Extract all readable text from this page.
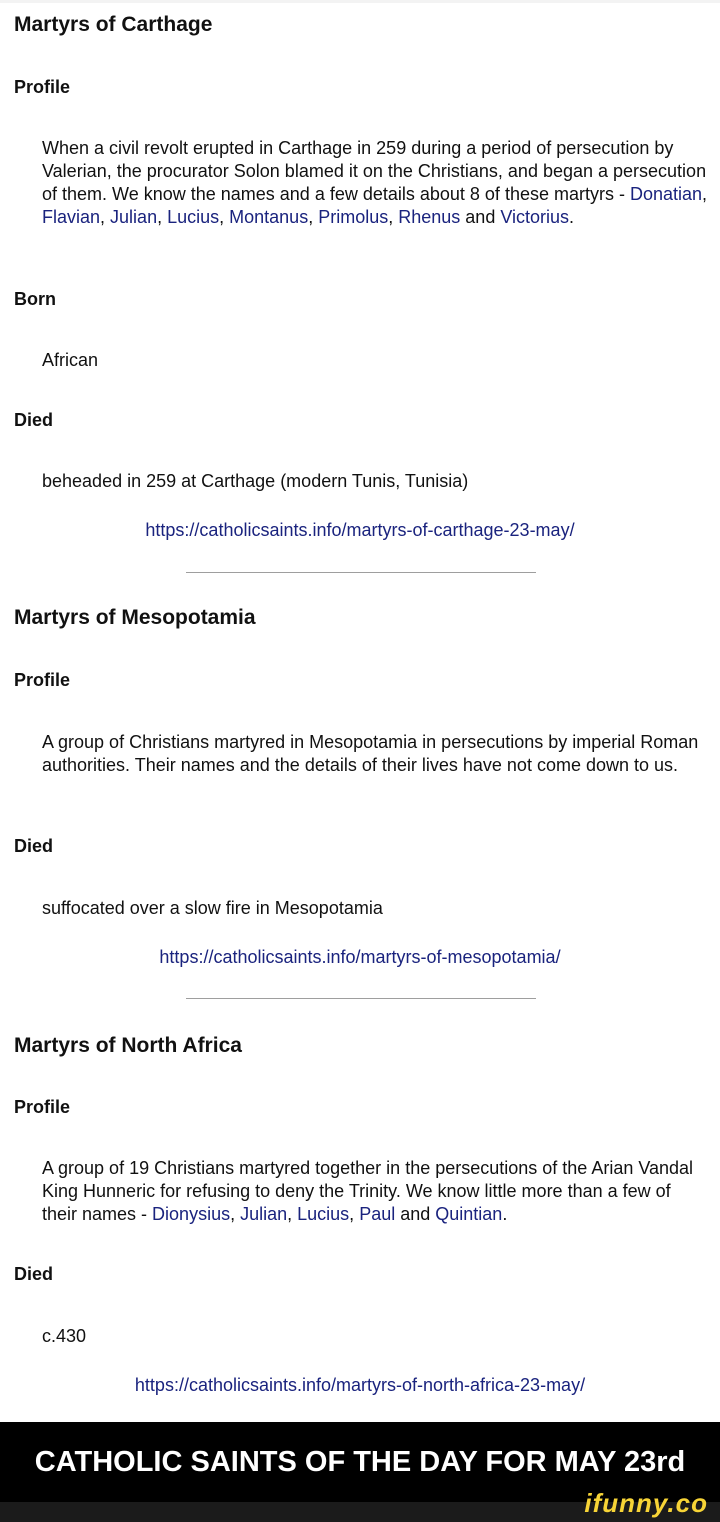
Martyrs of Carthage
Profile
When a civil revolt erupted in Carthage in 259 during a period of persecution by Valerian, the procurator Solon blamed it on the Christians, and began a persecution of them. We know the names and a few details about 8 of these martyrs - Donatian, Flavian, Julian, Lucius, Montanus, Primolus, Rhenus and Victorius.
Born
African
Died
beheaded in 259 at Carthage (modern Tunis, Tunisia)
https://catholicsaints.info/martyrs-of-carthage-23-may/
Martyrs of Mesopotamia
Profile
A group of Christians martyred in Mesopotamia in persecutions by imperial Roman authorities. Their names and the details of their lives have not come down to us.
Died
suffocated over a slow fire in Mesopotamia
https://catholicsaints.info/martyrs-of-mesopotamia/
Martyrs of North Africa
Profile
A group of 19 Christians martyred together in the persecutions of the Arian Vandal King Hunneric for refusing to deny the Trinity. We know little more than a few of their names - Dionysius, Julian, Lucius, Paul and Quintian.
Died
c.430
https://catholicsaints.info/martyrs-of-north-africa-23-may/
CATHOLIC SAINTS OF THE DAY FOR MAY 23rd
ifunny.co
